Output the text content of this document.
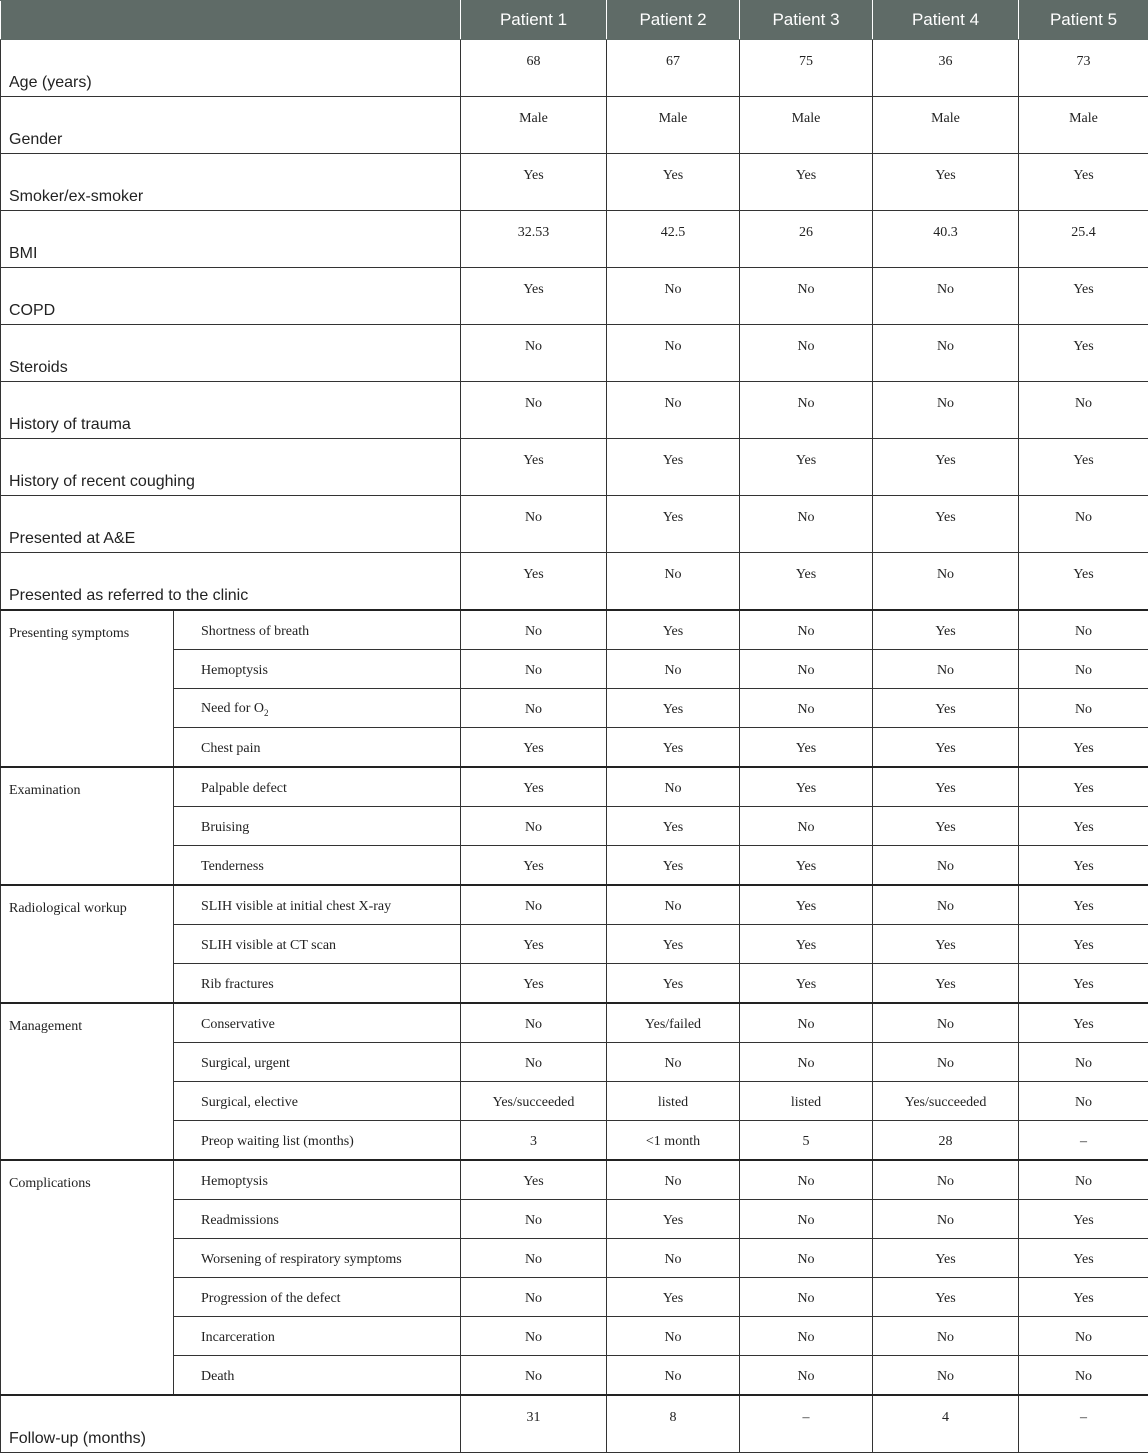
		Patient 1	Patient 2	Patient 3	Patient 4	Patient 5
Age (years)		68	67	75	36	73
Gender		Male	Male	Male	Male	Male
Smoker/ex-smoker		Yes	Yes	Yes	Yes	Yes
BMI		32.53	42.5	26	40.3	25.4
COPD		Yes	No	No	No	Yes
Steroids		No	No	No	No	Yes
History of trauma		No	No	No	No	No
History of recent coughing		Yes	Yes	Yes	Yes	Yes
Presented at A&E		No	Yes	No	Yes	No
Presented as referred to the clinic		Yes	No	Yes	No	Yes
Presenting symptoms	Shortness of breath	No	Yes	No	Yes	No
	Hemoptysis	No	No	No	No	No
	Need for $O_2$	No	Yes	No	Yes	No
	Chest pain	Yes	Yes	Yes	Yes	Yes
Examination	Palpable defect	Yes	No	Yes	Yes	Yes
	Bruising	No	Yes	No	Yes	Yes
	Tenderness	Yes	Yes	Yes	No	Yes
Radiological workup	SLIH visible at initial chest X-ray	No	No	Yes	No	Yes
	SLIH visible at CT scan	Yes	Yes	Yes	Yes	Yes
	Rib fractures	Yes	Yes	Yes	Yes	Yes
Management	Conservative	No	Yes/failed	No	No	Yes
	Surgical, urgent	No	No	No	No	No
	Surgical, elective	Yes/succeeded	listed	listed	Yes/succeeded	No
	Preop waiting list (months)	3	<1 month	5	28	–
Complications	Hemoptysis	Yes	No	No	No	No
	Readmissions	No	Yes	No	No	Yes
	Worsening of respiratory symptoms	No	No	No	Yes	Yes
	Progression of the defect	No	Yes	No	Yes	Yes
	Incarceration	No	No	No	No	No
	Death	No	No	No	No	No
Follow-up (months)		31	8	–	4	–
